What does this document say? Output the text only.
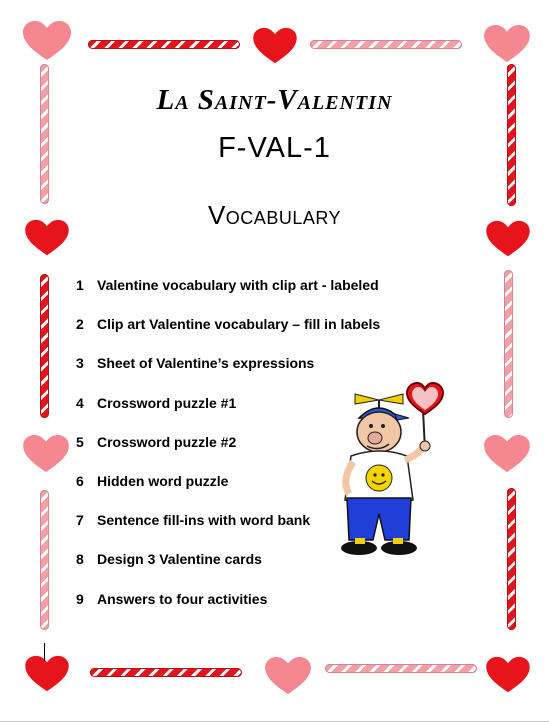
La Saint-Valentin
F-VAL-1
Vocabulary
1 Valentine vocabulary with clip art - labeled
2 Clip art Valentine vocabulary – fill in labels
3 Sheet of Valentine’s expressions
4 Crossword puzzle #1
5 Crossword puzzle #2
6 Hidden word puzzle
7 Sentence fill-ins with word bank
8 Design 3 Valentine cards
9 Answers to four activities
